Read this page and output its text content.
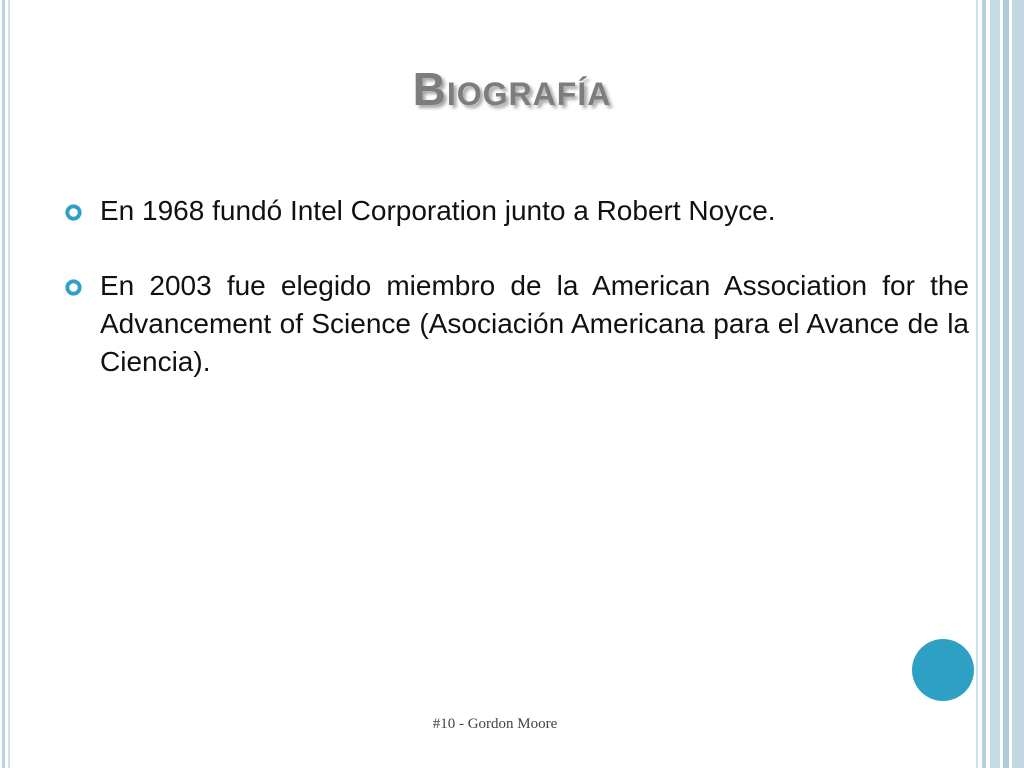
Biografía
En 1968 fundó Intel Corporation junto a Robert Noyce.
En 2003 fue elegido miembro de la American Association for the Advancement of Science (Asociación Americana para el Avance de la Ciencia).

#10 - Gordon Moore
